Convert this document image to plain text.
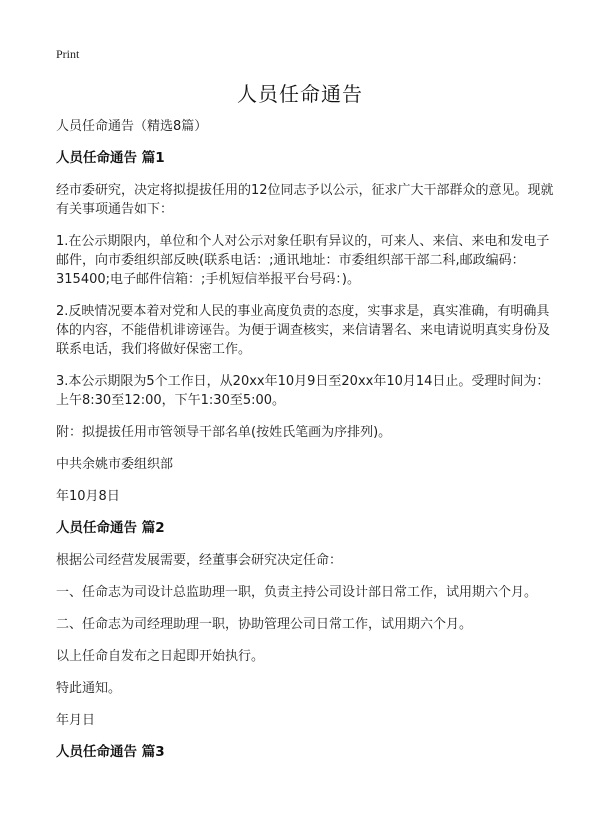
Print
人员任命通告
人员任命通告（精选8篇）
人员任命通告 篇1
经市委研究，决定将拟提拔任用的12位同志予以公示，征求广大干部群众的意见。现就有关事项通告如下：
1.在公示期限内，单位和个人对公示对象任职有异议的，可来人、来信、来电和发电子邮件，向市委组织部反映(联系电话：;通讯地址：市委组织部干部二科,邮政编码：315400;电子邮件信箱：;手机短信举报平台号码：)。
2.反映情况要本着对党和人民的事业高度负责的态度，实事求是，真实准确，有明确具体的内容，不能借机诽谤诬告。为便于调查核实，来信请署名、来电请说明真实身份及联系电话，我们将做好保密工作。
3.本公示期限为5个工作日，从20xx年10月9日至20xx年10月14日止。受理时间为：上午8:30至12:00，下午1:30至5:00。
附：拟提拔任用市管领导干部名单(按姓氏笔画为序排列)。
中共余姚市委组织部
年10月8日
人员任命通告 篇2
根据公司经营发展需要，经董事会研究决定任命：
一、任命志为司设计总监助理一职，负责主持公司设计部日常工作，试用期六个月。
二、任命志为司经理助理一职，协助管理公司日常工作，试用期六个月。
以上任命自发布之日起即开始执行。
特此通知。
年月日
人员任命通告 篇3
